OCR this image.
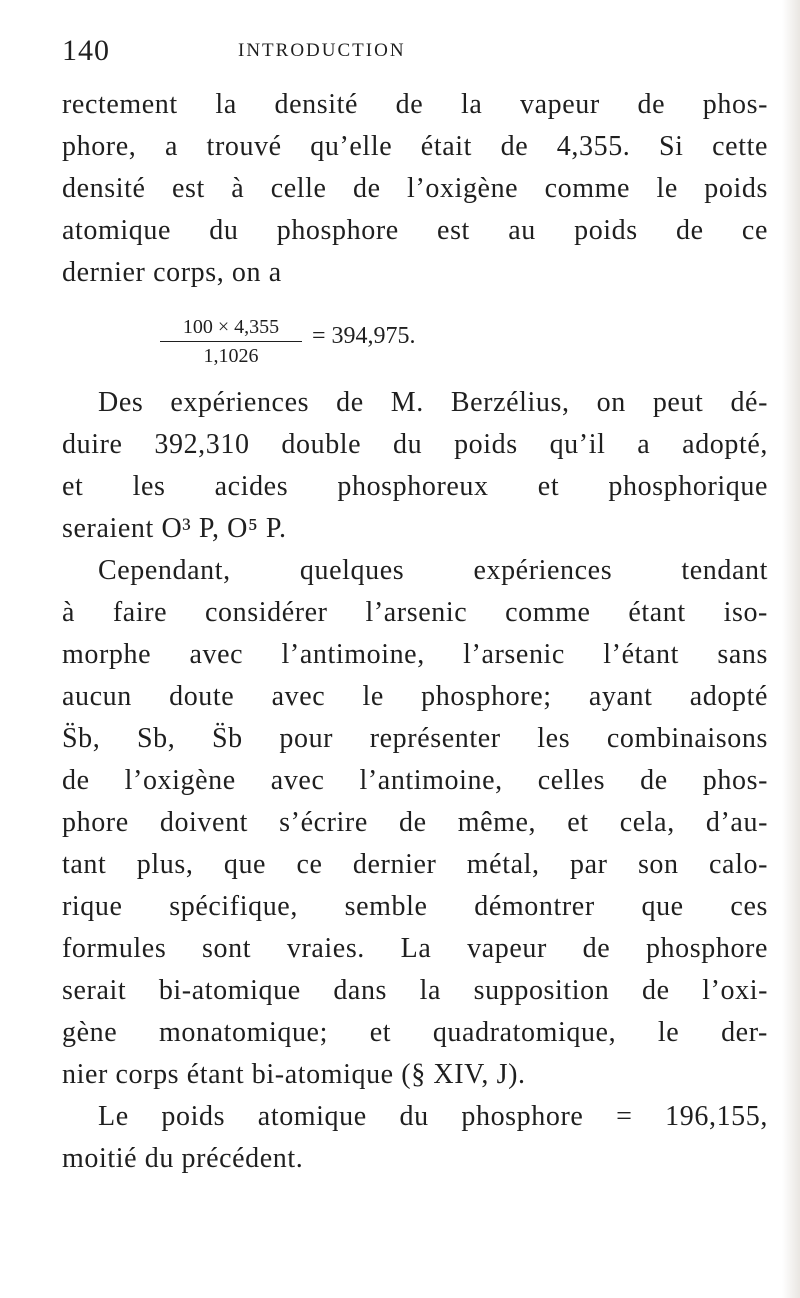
140	INTRODUCTION
rectement la densité de la vapeur de phos-
phore, a trouvé qu’elle était de 4,355. Si cette
densité est à celle de l’oxigène comme le poids
atomique du phosphore est au poids de ce
dernier corps, on a
100 × 4,355
1,1026
= 394,975.
Des expériences de M. Berzélius, on peut dé-
duire 392,310 double du poids qu’il a adopté,
et les acides phosphoreux et phosphorique
seraient O³ P, O⁵ P.
Cependant, quelques expériences tendant
à faire considérer l’arsenic comme étant iso-
morphe avec l’antimoine, l’arsenic l’étant sans
aucun doute avec le phosphore; ayant adopté
S̈b, Sb, S̈b pour représenter les combinaisons
de l’oxigène avec l’antimoine, celles de phos-
phore doivent s’écrire de même, et cela, d’au-
tant plus, que ce dernier métal, par son calo-
rique spécifique, semble démontrer que ces
formules sont vraies. La vapeur de phosphore
serait bi-atomique dans la supposition de l’oxi-
gène monatomique; et quadratomique, le der-
nier corps étant bi-atomique (§ XIV, J).
Le poids atomique du phosphore = 196,155,
moitié du précédent.
